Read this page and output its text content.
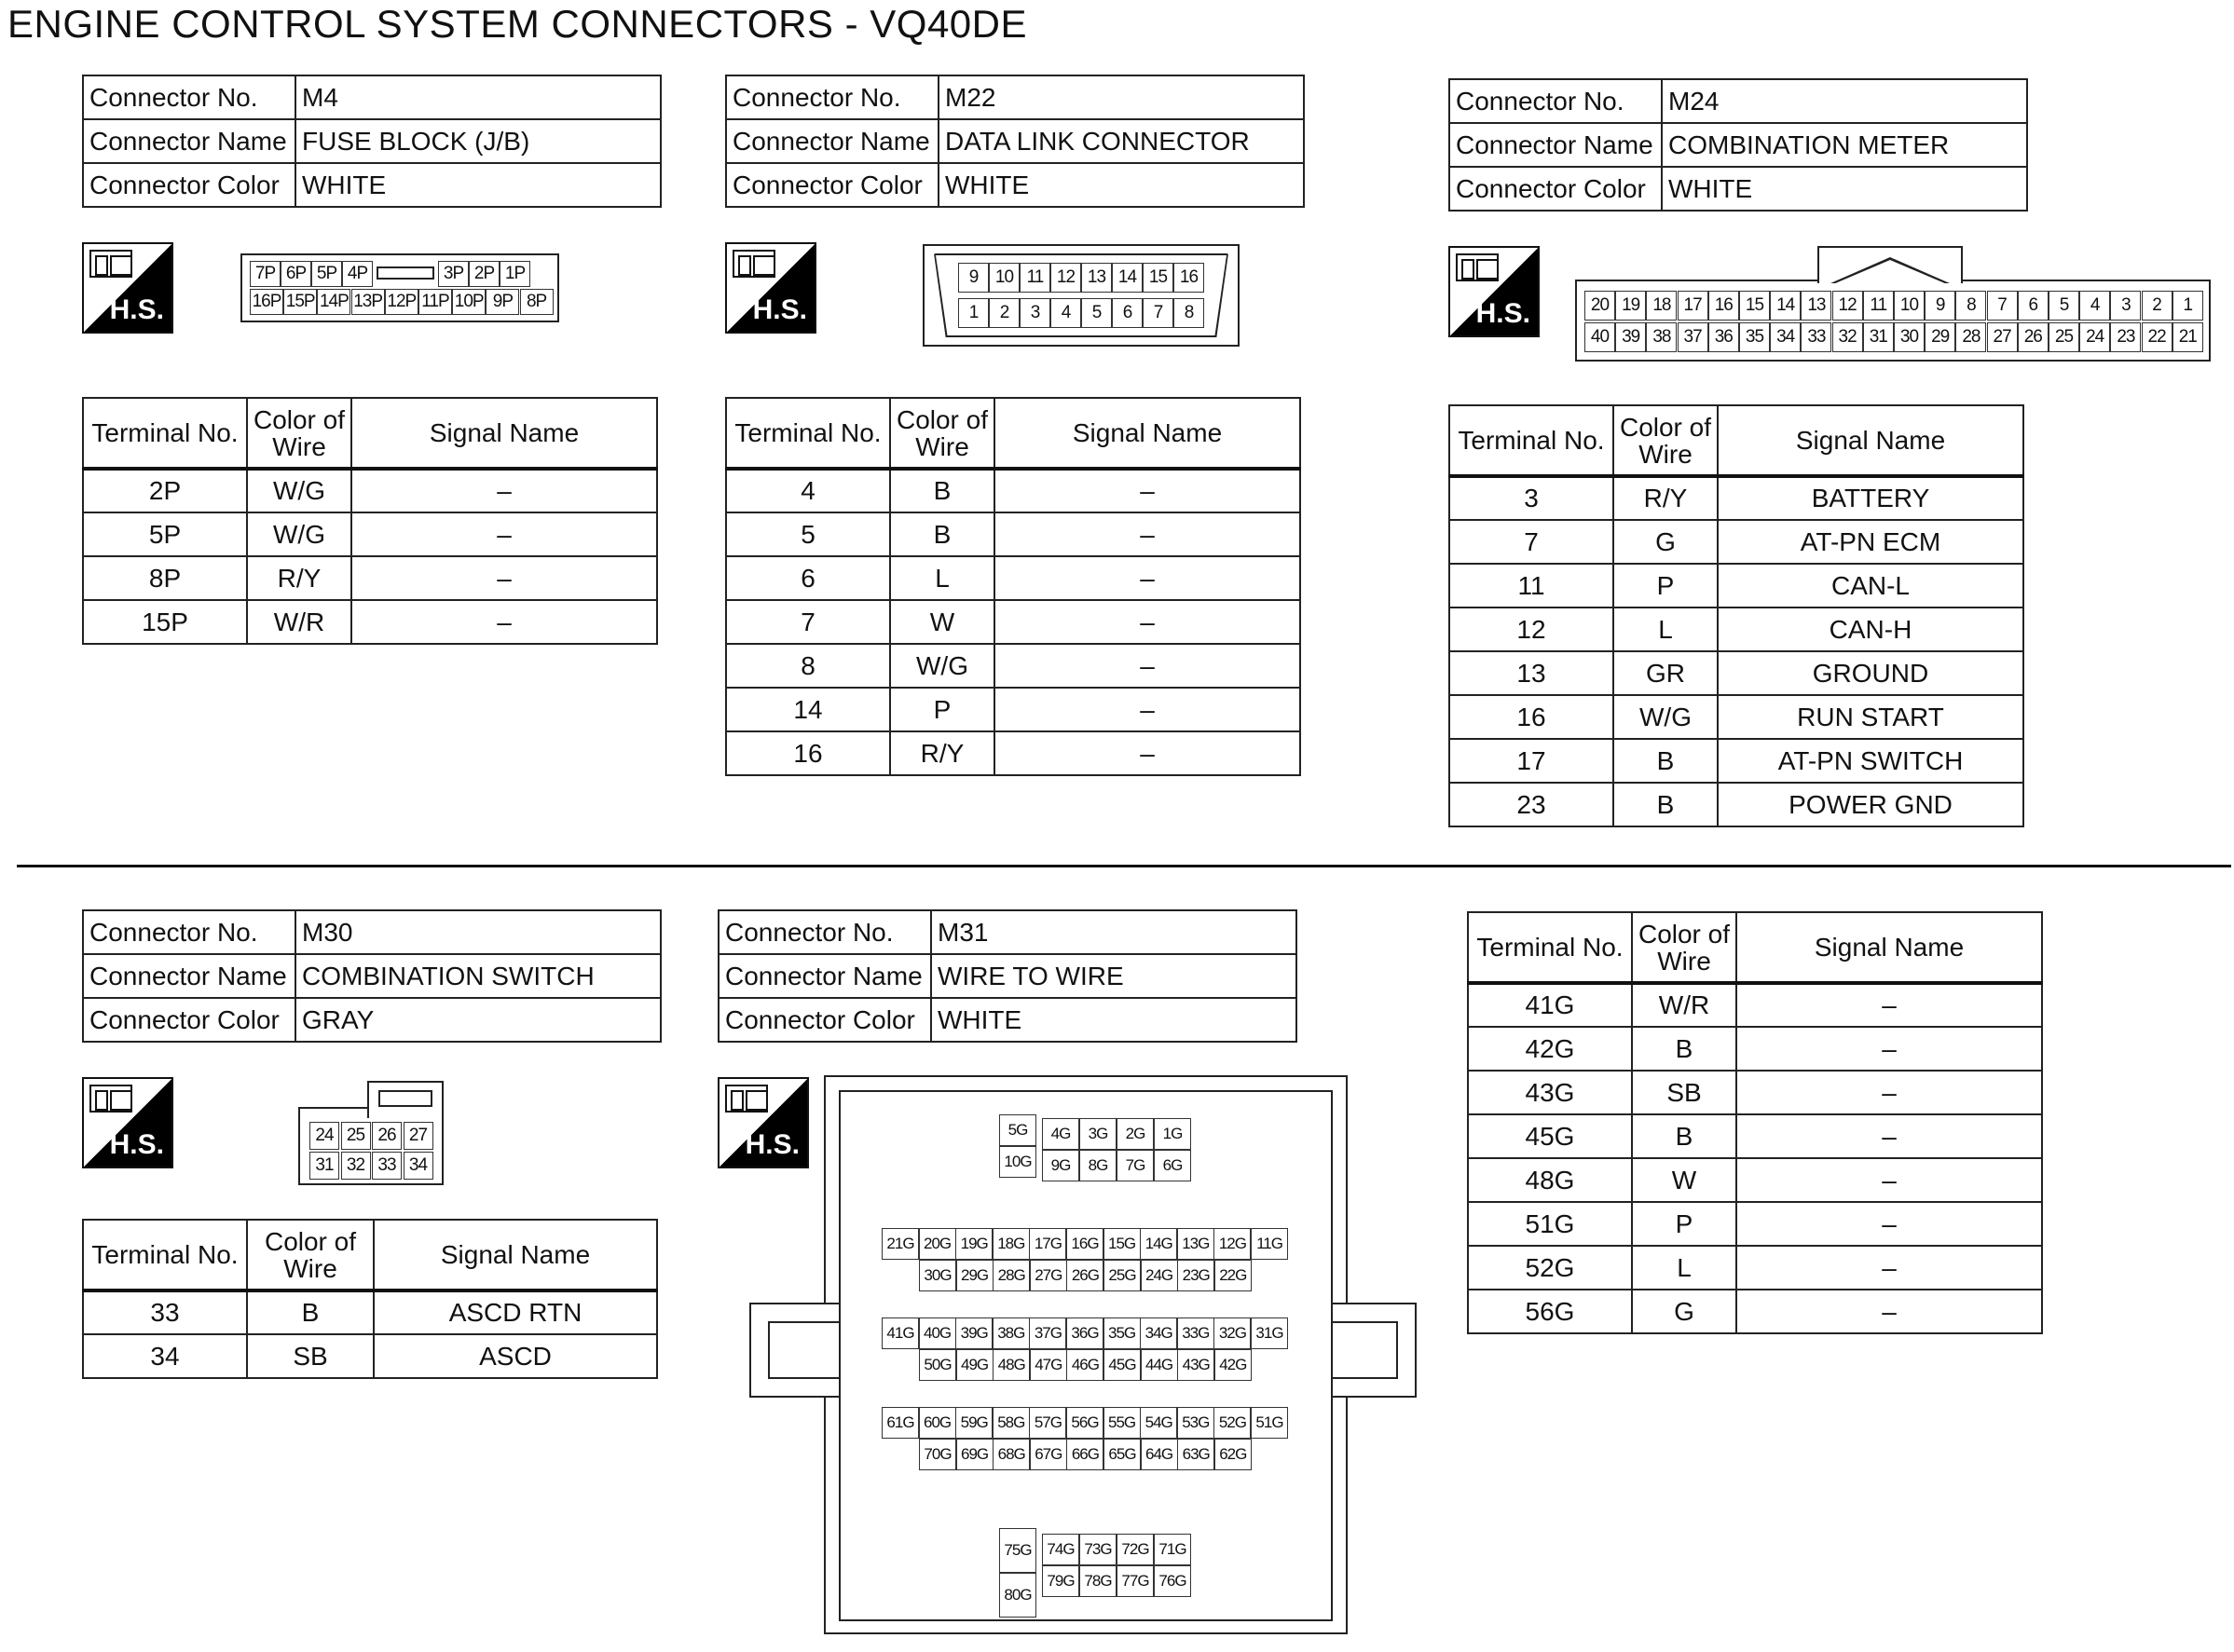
ENGINE CONTROL SYSTEM CONNECTORS - VQ40DE
Connector No.	M4
Connector Name	FUSE BLOCK (J/B)
Connector Color	WHITE
Connector No.	M22
Connector Name	DATA LINK CONNECTOR
Connector Color	WHITE
Connector No.	M24
Connector Name	COMBINATION METER
Connector Color	WHITE
Connector No.	M30
Connector Name	COMBINATION SWITCH
Connector Color	GRAY
Connector No.	M31
Connector Name	WIRE TO WIRE
Connector Color	WHITE
H.S.	H.S.	H.S.
H.S.	H.S.
7P 6P 5P 4P	3P 2P 1P
16P 15P 14P 13P 12P 11P 10P 9P 8P
9 10 11 12 13 14 15 16
1	2	3	4	5	6	7	8	20 19 18 17 16 15 14 13 12 11 10 9	8	7	6	5	4	3	2	1
40 39 38 37 36 35 34 33 32 31 30 29 28 27 26 25 24 23 22 21
24 25 26 27
31 32 33 34
5G
10G
4G	3G	2G	1G
9G	8G	7G	6G
21G 20G 19G 18G 17G 16G 15G 14G 13G 12G 11G
30G 29G 28G 27G 26G 25G 24G 23G 22G
41G 40G 39G 38G 37G 36G 35G 34G 33G 32G 31G
50G 49G 48G 47G 46G 45G 44G 43G 42G
61G 60G 59G 58G 57G 56G 55G 54G 53G 52G 51G
70G 69G 68G 67G 66G 65G 64G 63G 62G
75G
80G
74G 73G 72G 71G
79G 78G 77G 76G
Terminal No.	Color of Wire	Signal Name
2P	W/G	–
5P	W/G	–
8P	R/Y	–
15P	W/R	–
Terminal No.	Color of Wire	Signal Name
4	B	–
5	B	–
6	L	–
7	W	–
8	W/G	–
14	P	–
16	R/Y	–
Terminal No.	Color of Wire	Signal Name
3	R/Y	BATTERY
7	G	AT-PN ECM
11	P	CAN-L
12	L	CAN-H
13	GR	GROUND
16	W/G	RUN START
17	B	AT-PN SWITCH
23	B	POWER GND
Terminal No.	Color of Wire	Signal Name
33	B	ASCD RTN
34	SB	ASCD
Terminal No.	Color of Wire	Signal Name
41G	W/R	–
42G	B	–
43G	SB	–
45G	B	–
48G	W	–
51G	P	–
52G	L	–
56G	G	–
